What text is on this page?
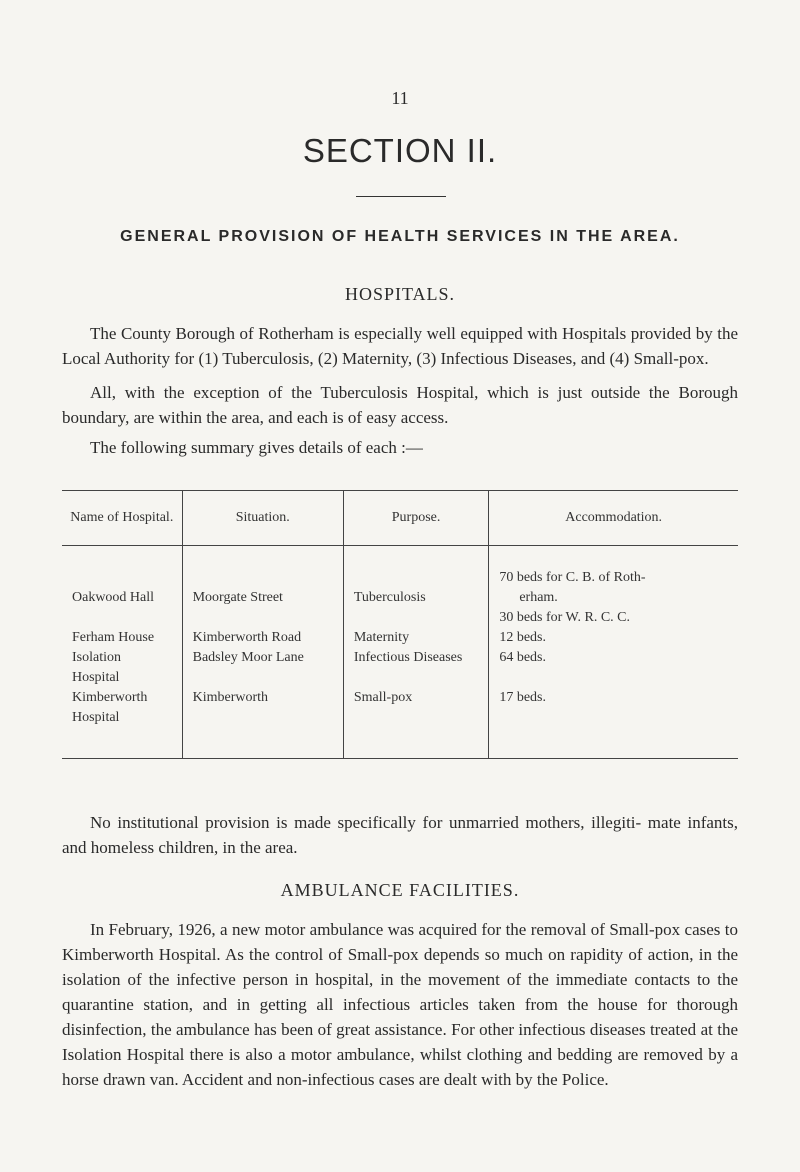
11
SECTION II.
GENERAL PROVISION OF HEALTH SERVICES IN THE AREA.
HOSPITALS.

The County Borough of Rotherham is especially well equipped with Hospitals provided by the Local Authority for (1) Tuberculosis, (2) Maternity, (3) Infectious Diseases, and (4) Small-pox.

All, with the exception of the Tuberculosis Hospital, which is just outside the Borough boundary, are within the area, and each is of easy access.

The following summary gives details of each :—

Name of Hospital.	Situation.	Purpose.	Accommodation.
Oakwood Hall	Moorgate Street	Tuberculosis	70 beds for C. B. of Roth-
erham.
30 beds for W. R. C. C.

Ferham House	Kimberworth Road	Maternity	12 beds.
Isolation Hospital	Badsley Moor Lane	Infectious Diseases	64 beds.
Kimberworth Hospital	Kimberworth	Small-pox	17 beds.

No institutional provision is made specifically for unmarried mothers, illegiti- mate infants, and homeless children, in the area.

AMBULANCE FACILITIES.

In February, 1926, a new motor ambulance was acquired for the removal of Small-pox cases to Kimberworth Hospital. As the control of Small-pox depends so much on rapidity of action, in the isolation of the infective person in hospital, in the movement of the immediate contacts to the quarantine station, and in getting all infectious articles taken from the house for thorough disinfection, the ambulance has been of great assistance. For other infectious diseases treated at the Isolation Hospital there is also a motor ambulance, whilst clothing and bedding are removed by a horse drawn van. Accident and non-infectious cases are dealt with by the Police.
